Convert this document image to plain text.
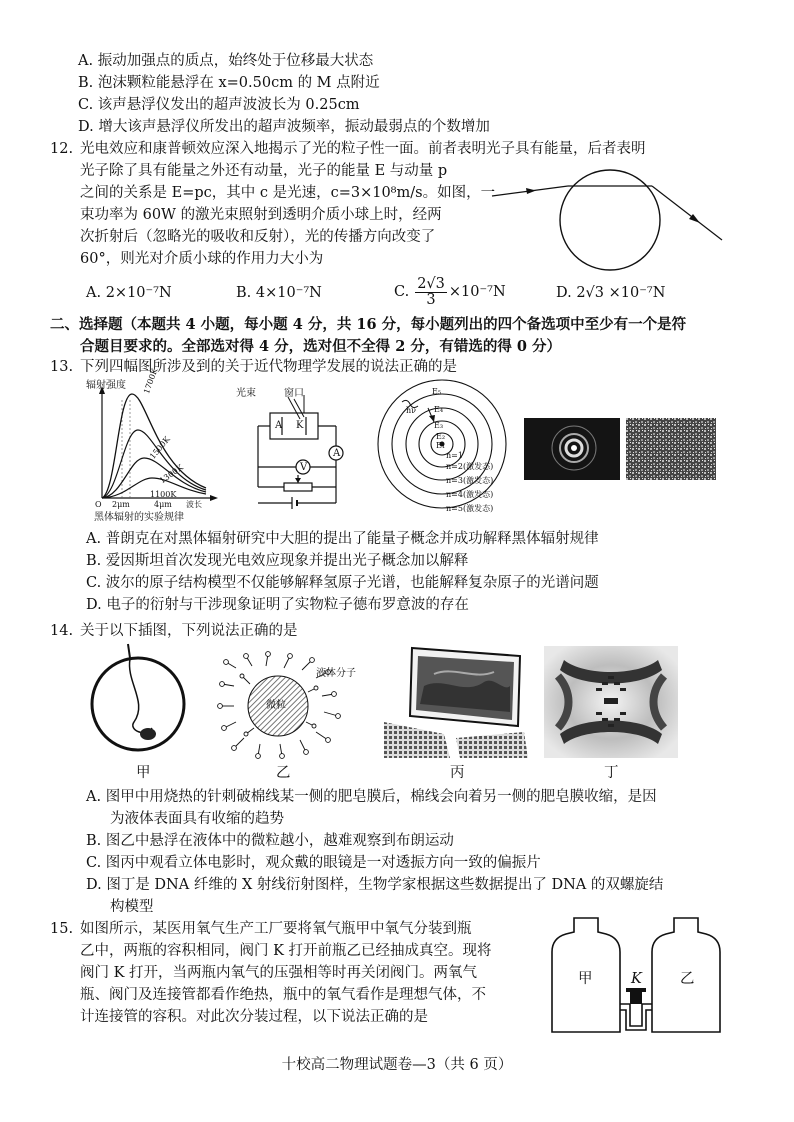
A. 振动加强点的质点，始终处于位移最大状态
B. 泡沫颗粒能悬浮在 x=0.50cm 的 M 点附近
C. 该声悬浮仪发出的超声波波长为 0.25cm
D. 增大该声悬浮仪所发出的超声波频率，振动最弱点的个数增加
12. 光电效应和康普顿效应深入地揭示了光的粒子性一面。前者表明光子具有能量，后者表明
光子除了具有能量之外还有动量，光子的能量 E 与动量 p
之间的关系是 E=pc，其中 c 是光速，c=3×10⁸m/s。如图，一
束功率为 60W 的激光束照射到透明介质小球上时，经两
次折射后（忽略光的吸收和反射），光的传播方向改变了
60°，则光对介质小球的作用力大小为
A. 2×10⁻⁷N	B. 4×10⁻⁷N	C. $\frac{2√3}{3} \times 10^{-7}N$	D. 2√3 ×10⁻⁷N
二、选择题（本题共 4 小题，每小题 4 分，共 16 分，每小题列出的四个备选项中至少有一个是符
合题目要求的。全部选对得 4 分，选对但不全得 2 分，有错选的得 0 分）
13. 下列四幅图所涉及到的关于近代物理学发展的说法正确的是
辐射强度 1700K
1500K
1300K
1100K
O 2μm	4μm 波长
黑体辐射的实验规律
光束	窗口
A K
V
A
E₅
E₄
E₃
E₂
E₁
hν
n=1
n=2(激发态)
n=3(激发态)
n=4(激发态)
n=5(激发态)
A. 普朗克在对黑体辐射研究中大胆的提出了能量子概念并成功解释黑体辐射规律
B. 爱因斯坦首次发现光电效应现象并提出光子概念加以解释
C. 波尔的原子结构模型不仅能够解释氢原子光谱，也能解释复杂原子的光谱问题
D. 电子的衍射与干涉现象证明了实物粒子德布罗意波的存在
14. 关于以下插图，下列说法正确的是
微粒
液体分子
甲	乙	丙	丁
A. 图甲中用烧热的针刺破棉线某一侧的肥皂膜后，棉线会向着另一侧的肥皂膜收缩，是因
为液体表面具有收缩的趋势
B. 图乙中悬浮在液体中的微粒越小，越难观察到布朗运动
C. 图丙中观看立体电影时，观众戴的眼镜是一对透振方向一致的偏振片
D. 图丁是 DNA 纤维的 X 射线衍射图样，生物学家根据这些数据提出了 DNA 的双螺旋结
构模型
15. 如图所示，某医用氧气生产工厂要将氧气瓶甲中氧气分装到瓶
乙中，两瓶的容积相同，阀门 K 打开前瓶乙已经抽成真空。现将
阀门 K 打开，当两瓶内氧气的压强相等时再关闭阀门。两氧气
瓶、阀门及连接管都看作绝热，瓶中的氧气看作是理想气体，不
计连接管的容积。对此次分装过程，以下说法正确的是
甲	乙
K
十校高二物理试题卷—3（共 6 页）
